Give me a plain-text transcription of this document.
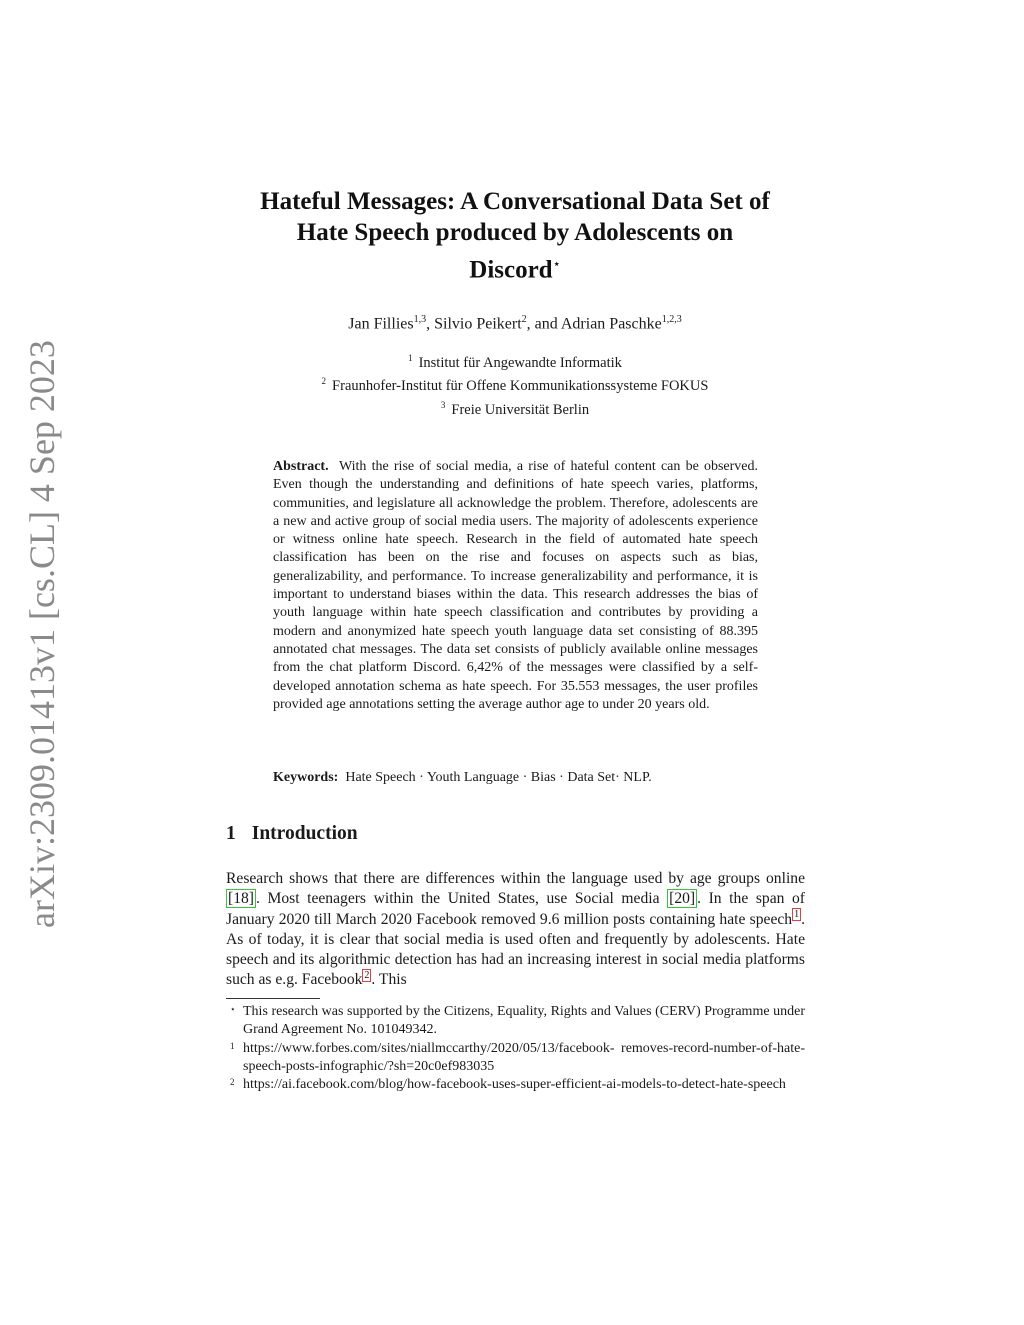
arXiv:2309.01413v1 [cs.CL] 4 Sep 2023
Hateful Messages: A Conversational Data Set of
Hate Speech produced by Adolescents on
Discord⋆
Jan Fillies$^{1,3}$, Silvio Peikert$^2$, and Adrian Paschke$^{1,2,3}$
$^1$ Institut für Angewandte Informatik
$^2$ Fraunhofer-Institut für Offene Kommunikationssysteme FOKUS
$^3$ Freie Universität Berlin
Abstract. With the rise of social media, a rise of hateful content can be observed. Even though the understanding and definitions of hate speech varies, platforms, communities, and legislature all acknowledge the problem. Therefore, adolescents are a new and active group of social media users. The majority of adolescents experience or witness online hate speech. Research in the field of automated hate speech classification has been on the rise and focuses on aspects such as bias, generalizability, and performance. To increase generalizability and performance, it is important to understand biases within the data. This research addresses the bias of youth language within hate speech classification and contributes by providing a modern and anonymized hate speech youth language data set consisting of 88.395 annotated chat messages. The data set consists of publicly available online messages from the chat platform Discord. 6,42% of the messages were classified by a self-developed annotation schema as hate speech. For 35.553 messages, the user profiles provided age annotations setting the average author age to under 20 years old.
Keywords: Hate Speech · Youth Language · Bias · Data Set· NLP.
1 Introduction
Research shows that there are differences within the language used by age groups online [18] . Most teenagers within the United States, use Social media [20] . In the span of January 2020 till March 2020 Facebook removed 9.6 million posts containing hate speech $^1$ . As of today, it is clear that social media is used often and frequently by adolescents. Hate speech and its algorithmic detection has had an increasing interest in social media platforms such as e.g. Facebook $^2$ . This
⋆ This research was supported by the Citizens, Equality, Rights and Values (CERV) Programme under Grand Agreement No. 101049342.
1 https://www.forbes.com/sites/niallmccarthy/2020/05/13/facebook- removes-record-number-of-hate-speech-posts-infographic/?sh=20c0ef983035
2 https://ai.facebook.com/blog/how-facebook-uses-super-efficient-ai-models-to-detect-hate-speech
